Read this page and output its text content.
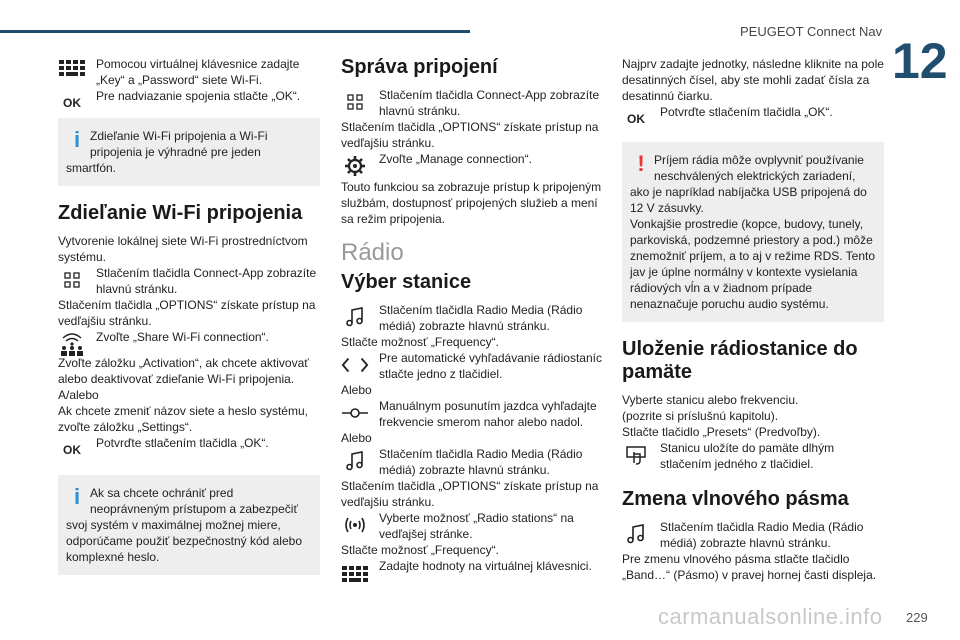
PEUGEOT Connect Nav
12
229
carmanualsonline.info

Pomocou virtuálnej klávesnice zadajte „Key“ a „Password“ siete Wi-Fi.

OK	Pre nadviazanie spojenia stlačte „OK“.

i Zdieľanie Wi-Fi pripojenia a Wi-Fi pripojenia je výhradné pre jeden

smartfón.

Zdieľanie Wi-Fi pripojenia

Vytvorenie lokálnej siete Wi-Fi prostredníctvom systému.

Stlačením tlačidla Connect-App zobrazíte hlavnú stránku.

Stlačením tlačidla „OPTIONS“ získate prístup na vedľajšiu stránku.

Zvoľte „Share Wi-Fi connection“.

Zvoľte záložku „Activation“, ak chcete aktivovať alebo deaktivovať zdieľanie Wi-Fi pripojenia.

A/alebo

Ak chcete zmeniť názov siete a heslo systému, zvoľte záložku „Settings“.

OK	Potvrďte stlačením tlačidla „OK“.

i Ak sa chcete ochrániť pred neoprávneným prístupom a zabezpečiť

svoj systém v maximálnej možnej miere, odporúčame použiť bezpečnostný kód alebo komplexné heslo.

Správa pripojení

Stlačením tlačidla Connect-App zobrazíte hlavnú stránku.

Stlačením tlačidla „OPTIONS“ získate prístup na vedľajšiu stránku.

Zvoľte „Manage connection“.

Touto funkciou sa zobrazuje prístup k pripojeným službám, dostupnosť pripojených služieb a mení sa režim pripojenia.

Rádio
Výber stanice

Stlačením tlačidla Radio Media (Rádio médiá) zobrazte hlavnú stránku.

Stlačte možnosť „Frequency“.

Pre automatické vyhľadávanie rádiostaníc stlačte jedno z tlačidiel.

Alebo

Manuálnym posunutím jazdca vyhľadajte frekvencie smerom nahor alebo nadol.

Alebo

Stlačením tlačidla Radio Media (Rádio médiá) zobrazte hlavnú stránku.

Stlačením tlačidla „OPTIONS“ získate prístup na vedľajšiu stránku.

Vyberte možnosť „Radio stations“ na vedľajšej stránke.

Stlačte možnosť „Frequency“.

Zadajte hodnoty na virtuálnej klávesnici.

Najprv zadajte jednotky, následne kliknite na pole desatinných čísel, aby ste mohli zadať čísla za desatinnú čiarku.

OK	Potvrďte stlačením tlačidla „OK“.

! Príjem rádia môže ovplyvniť používanie neschválených elektrických zariadení,

ako je napríklad nabíjačka USB pripojená do 12 V zásuvky.

Vonkajšie prostredie (kopce, budovy, tunely, parkoviská, podzemné priestory a pod.) môže znemožniť príjem, a to aj v režime RDS. Tento jav je úplne normálny v kontexte vysielania rádiových vĺn a v žiadnom prípade nenaznačuje poruchu audio systému.

Uloženie rádiostanice do pamäte

Vyberte stanicu alebo frekvenciu.

(pozrite si príslušnú kapitolu).

Stlačte tlačidlo „Presets“ (Predvoľby).

Stanicu uložíte do pamäte dlhým stlačením jedného z tlačidiel.

Zmena vlnového pásma

Stlačením tlačidla Radio Media (Rádio médiá) zobrazte hlavnú stránku.

Pre zmenu vlnového pásma stlačte tlačidlo „Band…“ (Pásmo) v pravej hornej časti displeja.
